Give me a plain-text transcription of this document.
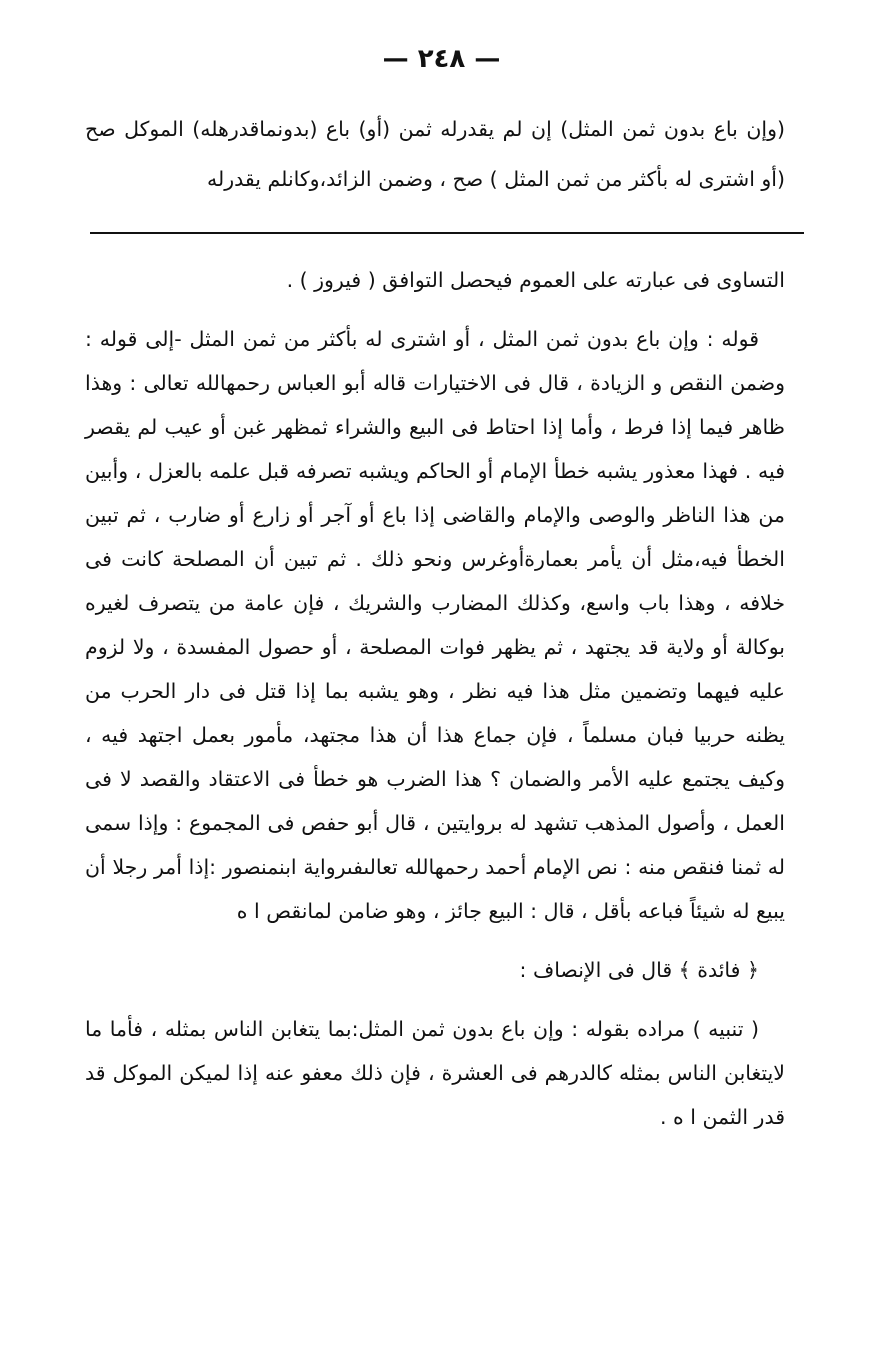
— ٢٤٨ —
(وإن باع بدون ثمن المثل) إن لم يقدرله ثمن (أو) باع (بدونماقدرهله) الموكل صح (أو اشترى له بأكثر من ثمن المثل ) صح ، وضمن الزائد،وكانلم يقدرله

التساوى فى عبارته على العموم فيحصل التوافق ( فيروز ) .

قوله : وإن باع بدون ثمن المثل ، أو اشترى له بأكثر من ثمن المثل -إلى قوله : وضمن النقص و الزيادة ، قال فى الاختيارات قاله أبو العباس رحمهالله تعالى : وهذا ظاهر فيما إذا فرط ، وأما إذا احتاط فى البيع والشراء ثمظهر غبن أو عيب لم يقصر فيه . فهذا معذور يشبه خطأ الإمام أو الحاكم ويشبه تصرفه قبل علمه بالعزل ، وأبين من هذا الناظر والوصى والإمام والقاضى إذا باع أو آجر أو زارع أو ضارب ، ثم تبين الخطأ فيه،مثل أن يأمر بعمارةأوغرس ونحو ذلك . ثم تبين أن المصلحة كانت فى خلافه ، وهذا باب واسع، وكذلك المضارب والشريك ، فإن عامة من يتصرف لغيره بوكالة أو ولاية قد يجتهد ، ثم يظهر فوات المصلحة ، أو حصول المفسدة ، ولا لزوم عليه فيهما وتضمين مثل هذا فيه نظر ، وهو يشبه بما إذا قتل فى دار الحرب من يظنه حربيا فبان مسلماً ، فإن جماع هذا أن هذا مجتهد، مأمور بعمل اجتهد فيه ، وكيف يجتمع عليه الأمر والضمان ؟ هذا الضرب هو خطأ فى الاعتقاد والقصد لا فى العمل ، وأصول المذهب تشهد له بروايتين ، قال أبو حفص فى المجموع : وإذا سمى له ثمنا فنقص منه : نص الإمام أحمد رحمهالله تعالىفىرواية ابنمنصور :إذا أمر رجلا أن يبيع له شيئاً فباعه بأقل ، قال : البيع جائز ، وهو ضامن لمانقص ا ه

﴿ فائدة ﴾ قال فى الإنصاف :

( تنبيه ) مراده بقوله : وإن باع بدون ثمن المثل:بما يتغابن الناس بمثله ، فأما ما لايتغابن الناس بمثله كالدرهم فى العشرة ، فإن ذلك معفو عنه إذا لميكن الموكل قد قدر الثمن ا ه .
